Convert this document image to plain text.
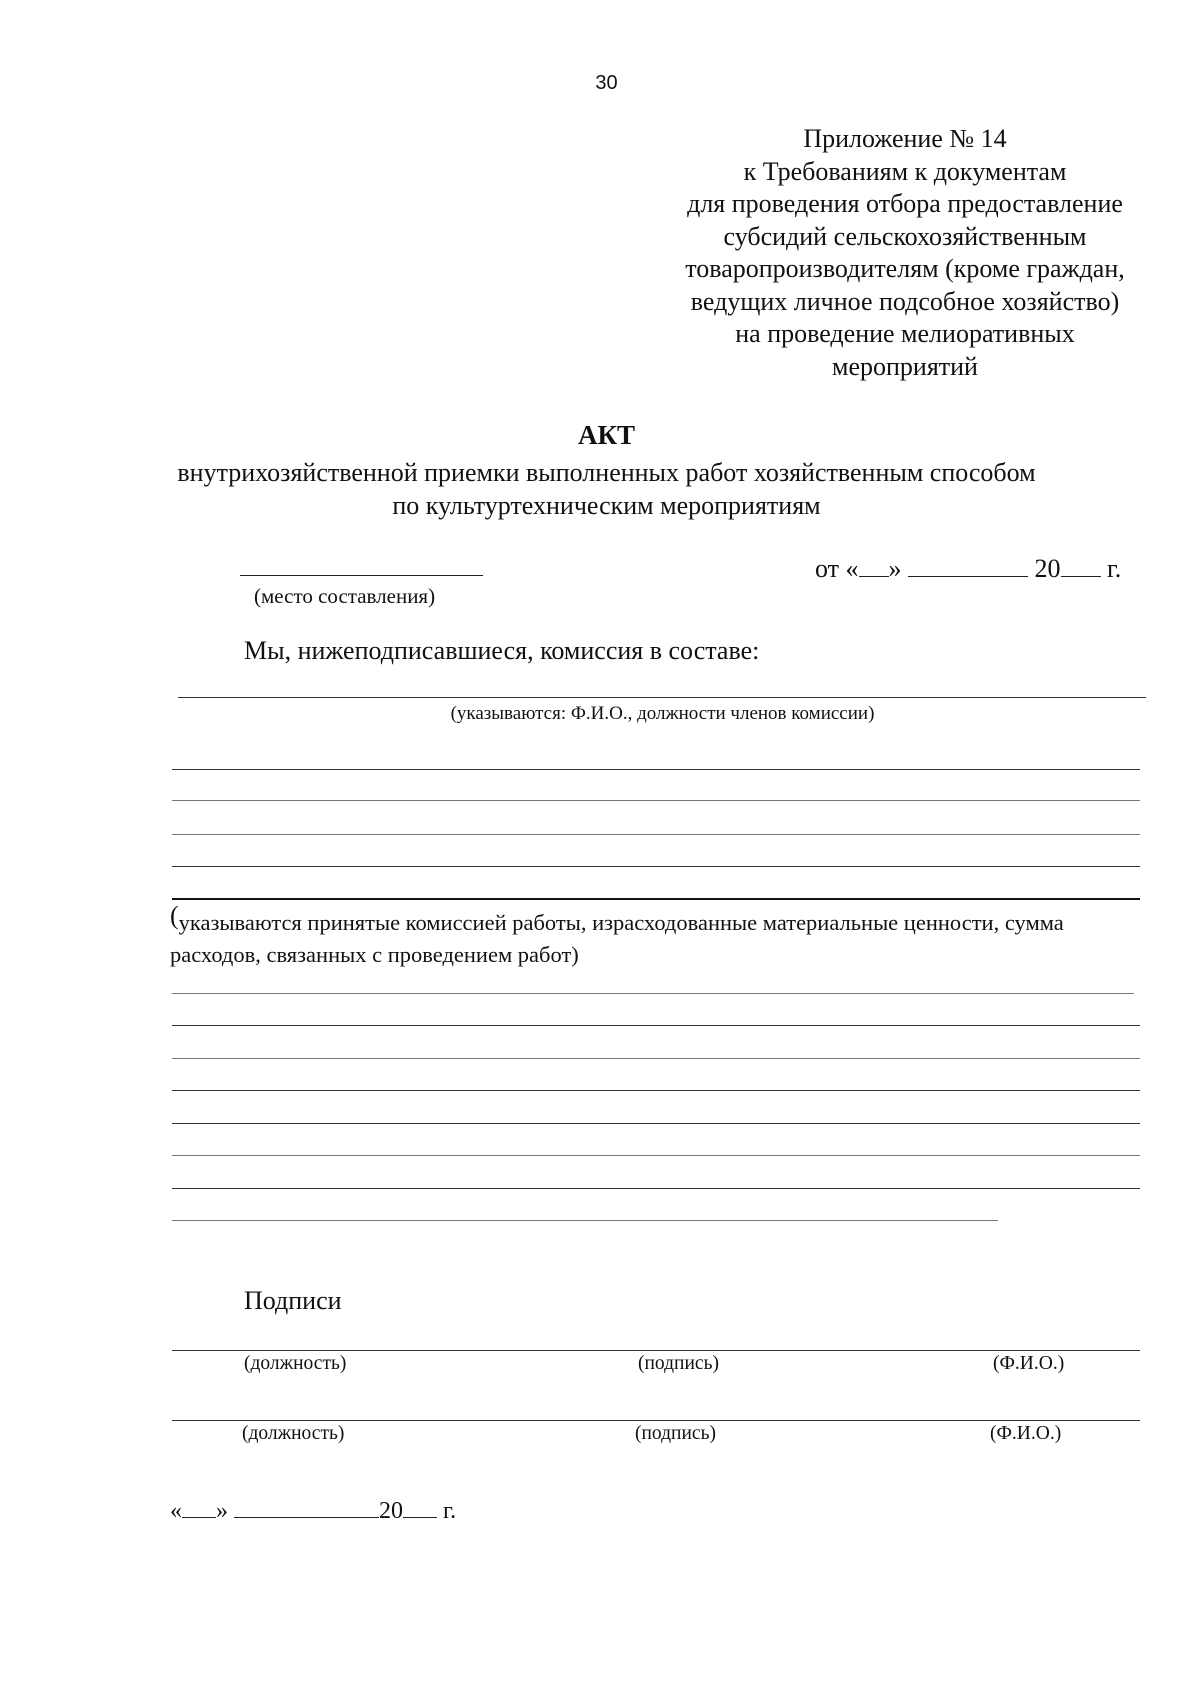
30
Приложение № 14
к Требованиям к документам
для проведения отбора предоставление
субсидий сельскохозяйственным
товаропроизводителям (кроме граждан,
ведущих личное подсобное хозяйство)
на проведение мелиоративных
мероприятий
АКТ
внутрихозяйственной приемки выполненных работ хозяйственным способом
по культуртехническим мероприятиям
(место составления)
от « »	20 г.
Мы, нижеподписавшиеся, комиссия в составе:
(указываются: Ф.И.О., должности членов комиссии)
(указываются принятые комиссией работы, израсходованные материальные ценности, сумма расходов, связанных с проведением работ)
Подписи
(должность)	(подпись)	(Ф.И.О.)
(должность)	(подпись)	(Ф.И.О.)
« »	20 г.
